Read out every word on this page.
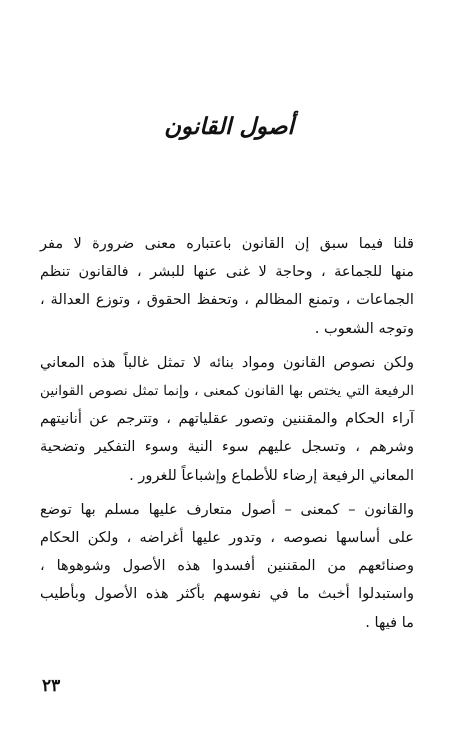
أصول القانون

قلنا فيما سبق إن القانون باعتباره معنى ضرورة لا مفر
منها للجماعة ، وحاجة لا غنى عنها للبشر ، فالقانون تنظم
الجماعات ، وتمنع المظالم ، وتحفظ الحقوق ، وتوزع العدالة ،
وتوجه الشعوب .

ولكن نصوص القانون ومواد بنائه لا تمثل غالباً هذه المعاني
الرفيعة التي يختص بها القانون كمعنى ، وإنما تمثل نصوص القوانين
آراء الحكام والمقننين وتصور عقلياتهم ، وتترجم عن أنانيتهم
وشرهم ، وتسجل عليهم سوء النية وسوء التفكير وتضحية
المعاني الرفيعة إرضاء للأطماع وإشباعاً للغرور .

والقانون – كمعنى – أصول متعارف عليها مسلم بها توضع
على أساسها نصوصه ، وتدور عليها أغراضه ، ولكن الحكام
وصنائعهم من المقننين أفسدوا هذه الأصول وشوهوها ،
واستبدلوا أخبث ما في نفوسهم بأكثر هذه الأصول وبأطيب
ما فيها .

٢٣
